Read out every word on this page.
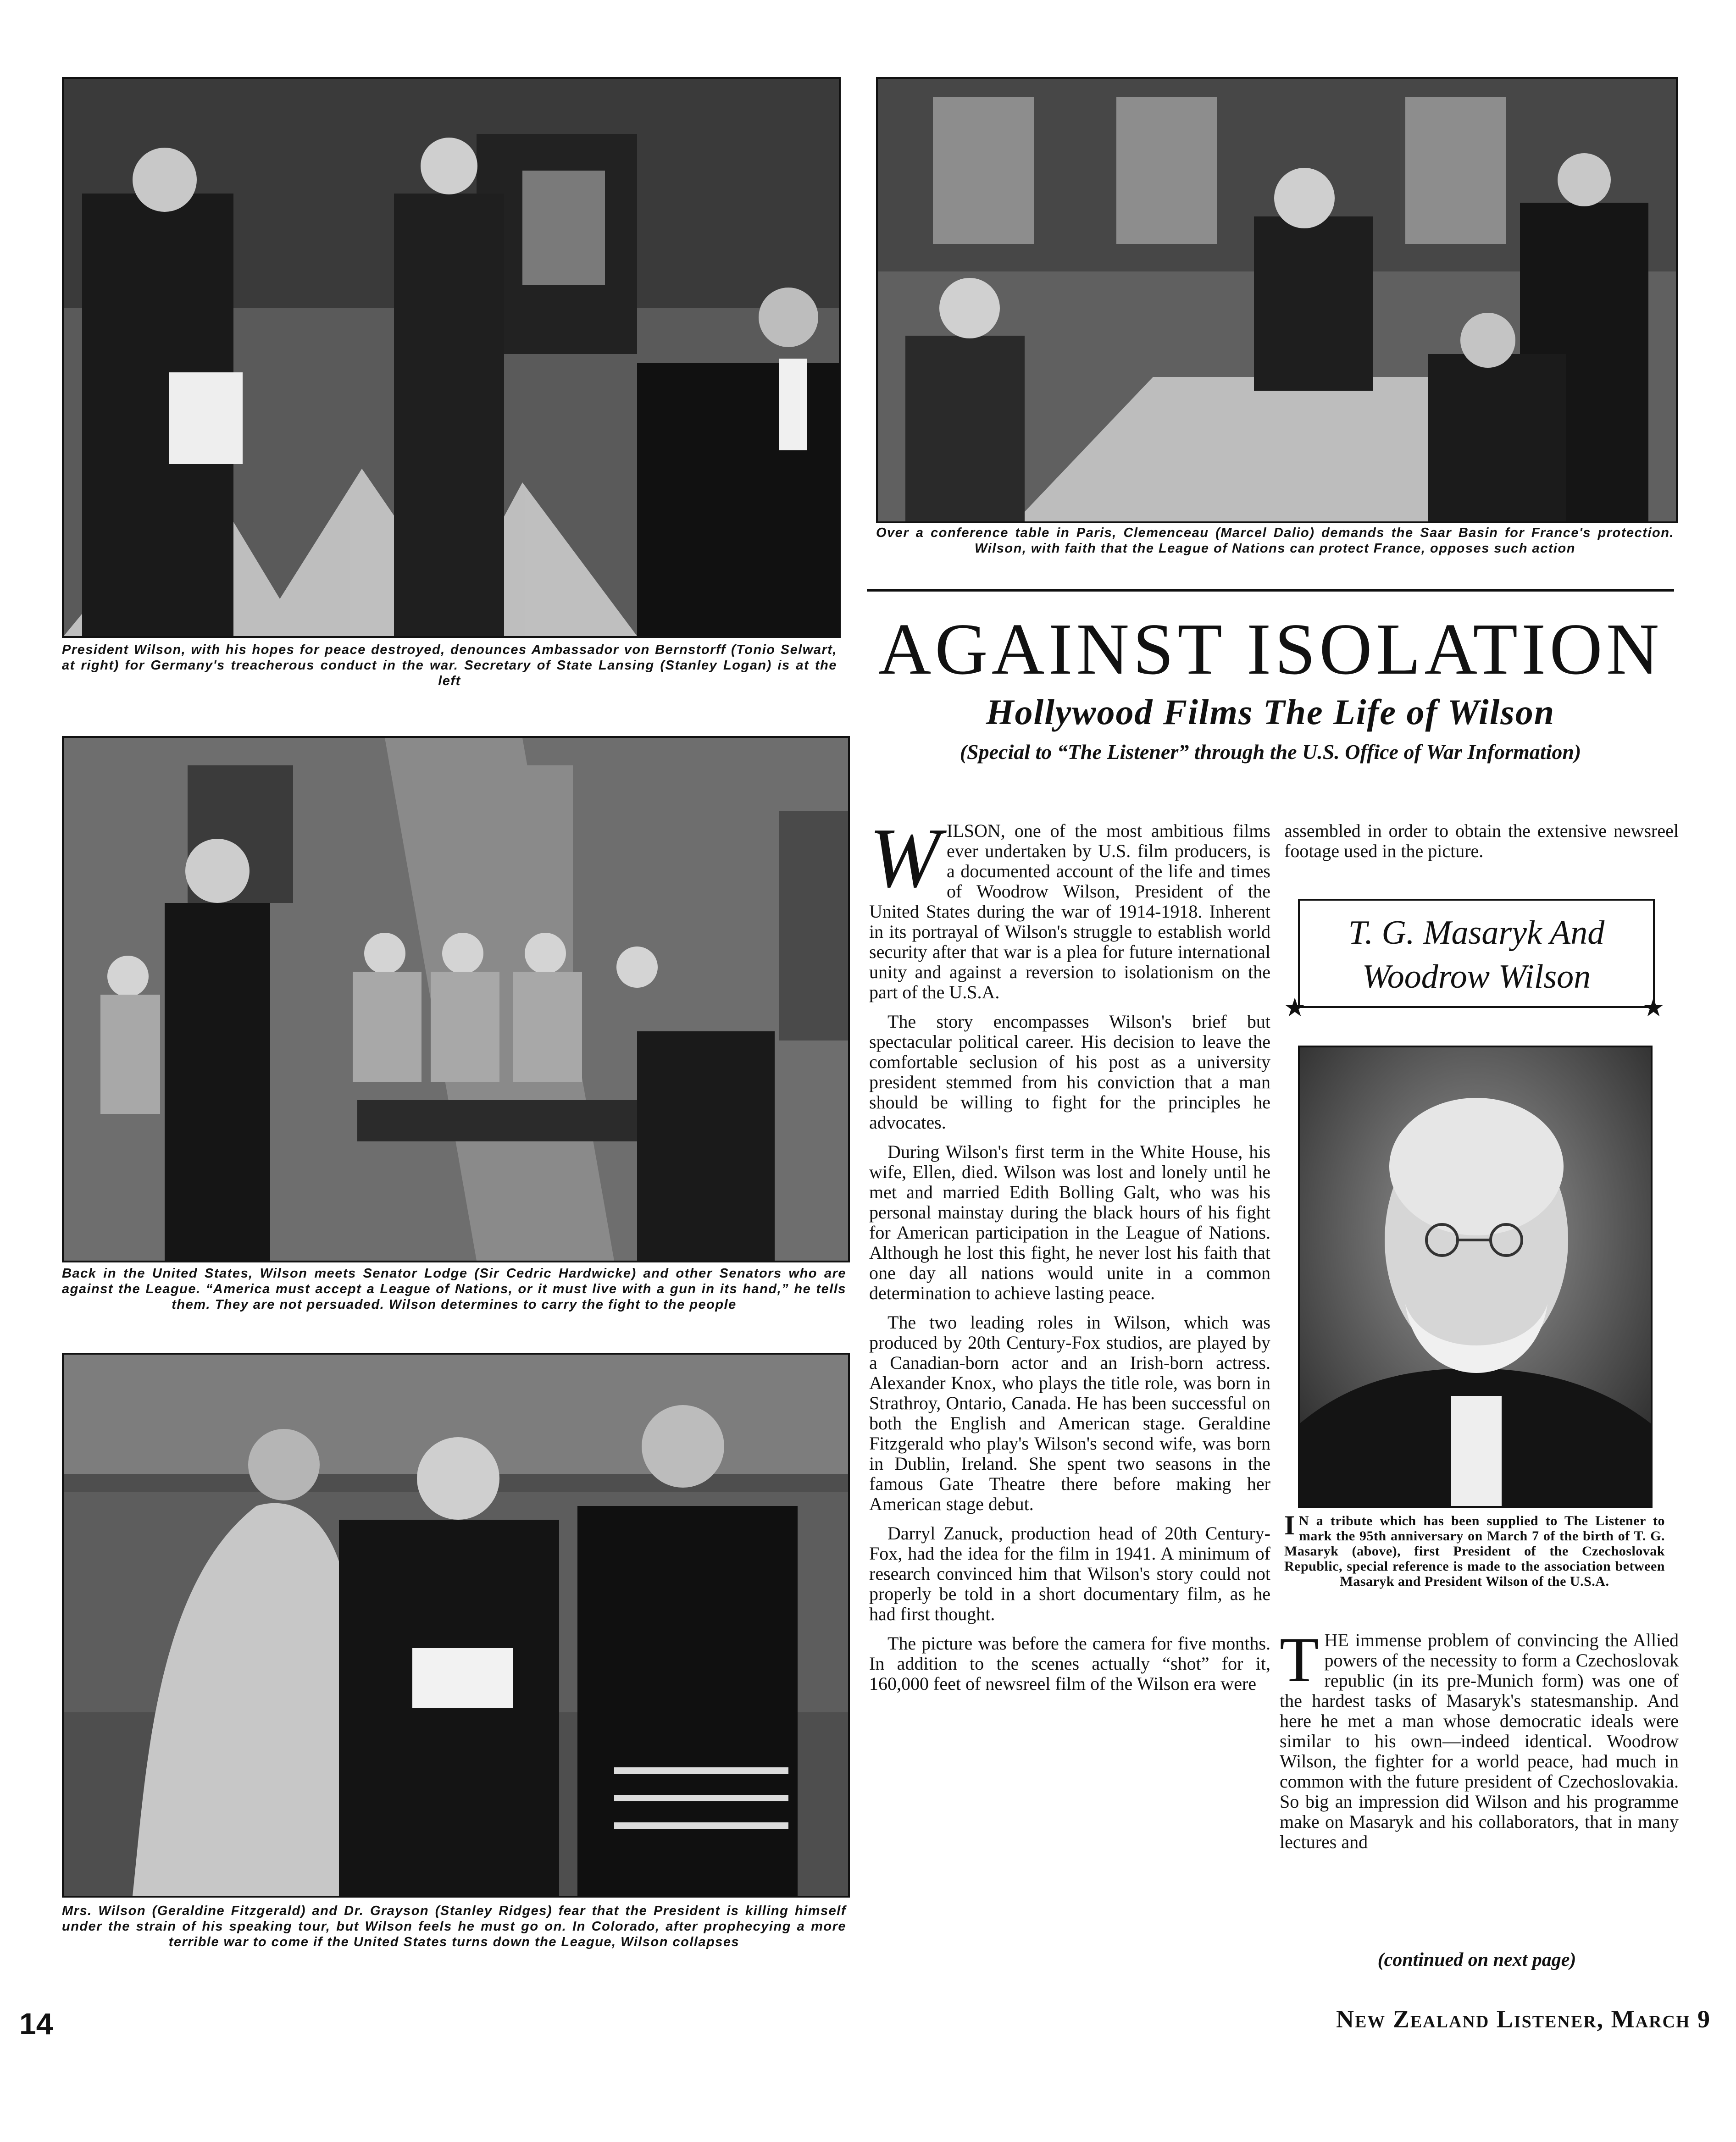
President Wilson, with his hopes for peace destroyed, denounces Ambassador von Bernstorff (Tonio Selwart, at right) for Germany's treacherous conduct in the war. Secretary of State Lansing (Stanley Logan) is at the left

Over a conference table in Paris, Clemenceau (Marcel Dalio) demands the Saar Basin for France's protection. Wilson, with faith that the League of Nations can protect France, opposes such action

AGAINST ISOLATION

Hollywood Films The Life of Wilson

(Special to “The Listener” through the U.S. Office of War Information)

Back in the United States, Wilson meets Senator Lodge (Sir Cedric Hardwicke) and other Senators who are against the League. “America must accept a League of Nations, or it must live with a gun in its hand,” he tells them. They are not persuaded. Wilson determines to carry the fight to the people

Mrs. Wilson (Geraldine Fitzgerald) and Dr. Grayson (Stanley Ridges) fear that the President is killing himself under the strain of his speaking tour, but Wilson feels he must go on. In Colorado, after prophecying a more terrible war to come if the United States turns down the League, Wilson collapses

WILSON, one of the most ambitious films ever undertaken by U.S. film producers, is a documented account of the life and times of Woodrow Wilson, President of the United States during the war of 1914-1918. Inherent in its portrayal of Wilson's struggle to establish world security after that war is a plea for future international unity and against a reversion to isolationism on the part of the U.S.A.

The story encompasses Wilson's brief but spectacular political career. His decision to leave the comfortable seclusion of his post as a university president stemmed from his conviction that a man should be willing to fight for the principles he advocates.

During Wilson's first term in the White House, his wife, Ellen, died. Wilson was lost and lonely until he met and married Edith Bolling Galt, who was his personal mainstay during the black hours of his fight for American participation in the League of Nations. Although he lost this fight, he never lost his faith that one day all nations would unite in a common determination to achieve lasting peace.

The two leading roles in Wilson, which was produced by 20th Century-Fox studios, are played by a Canadian-born actor and an Irish-born actress. Alexander Knox, who plays the title role, was born in Strathroy, Ontario, Canada. He has been successful on both the English and American stage. Geraldine Fitzgerald who play's Wilson's second wife, was born in Dublin, Ireland. She spent two seasons in the famous Gate Theatre there before making her American stage debut.

Darryl Zanuck, production head of 20th Century-Fox, had the idea for the film in 1941. A minimum of research convinced him that Wilson's story could not properly be told in a short documentary film, as he had first thought.

The picture was before the camera for five months. In addition to the scenes actually “shot” for it, 160,000 feet of newsreel film of the Wilson era were

assembled in order to obtain the extensive newsreel footage used in the picture.

T. G. Masaryk And
Woodrow Wilson

★	★

I N a tribute which has been supplied to The Listener to mark the 95th anniversary on March 7 of the birth of T. G. Masaryk (above), first President of the Czechoslovak Republic, special reference is made to the association between Masaryk and President Wilson of the U.S.A.

THE immense problem of convincing the Allied powers of the necessity to form a Czechoslovak republic (in its pre-Munich form) was one of the hardest tasks of Masaryk's statesmanship. And here he met a man whose democratic ideals were similar to his own—indeed identical. Woodrow Wilson, the fighter for a world peace, had much in common with the future president of Czechoslovakia. So big an impression did Wilson and his programme make on Masaryk and his collaborators, that in many lectures and

(continued on next page)
14	New Zealand Listener, March 9
